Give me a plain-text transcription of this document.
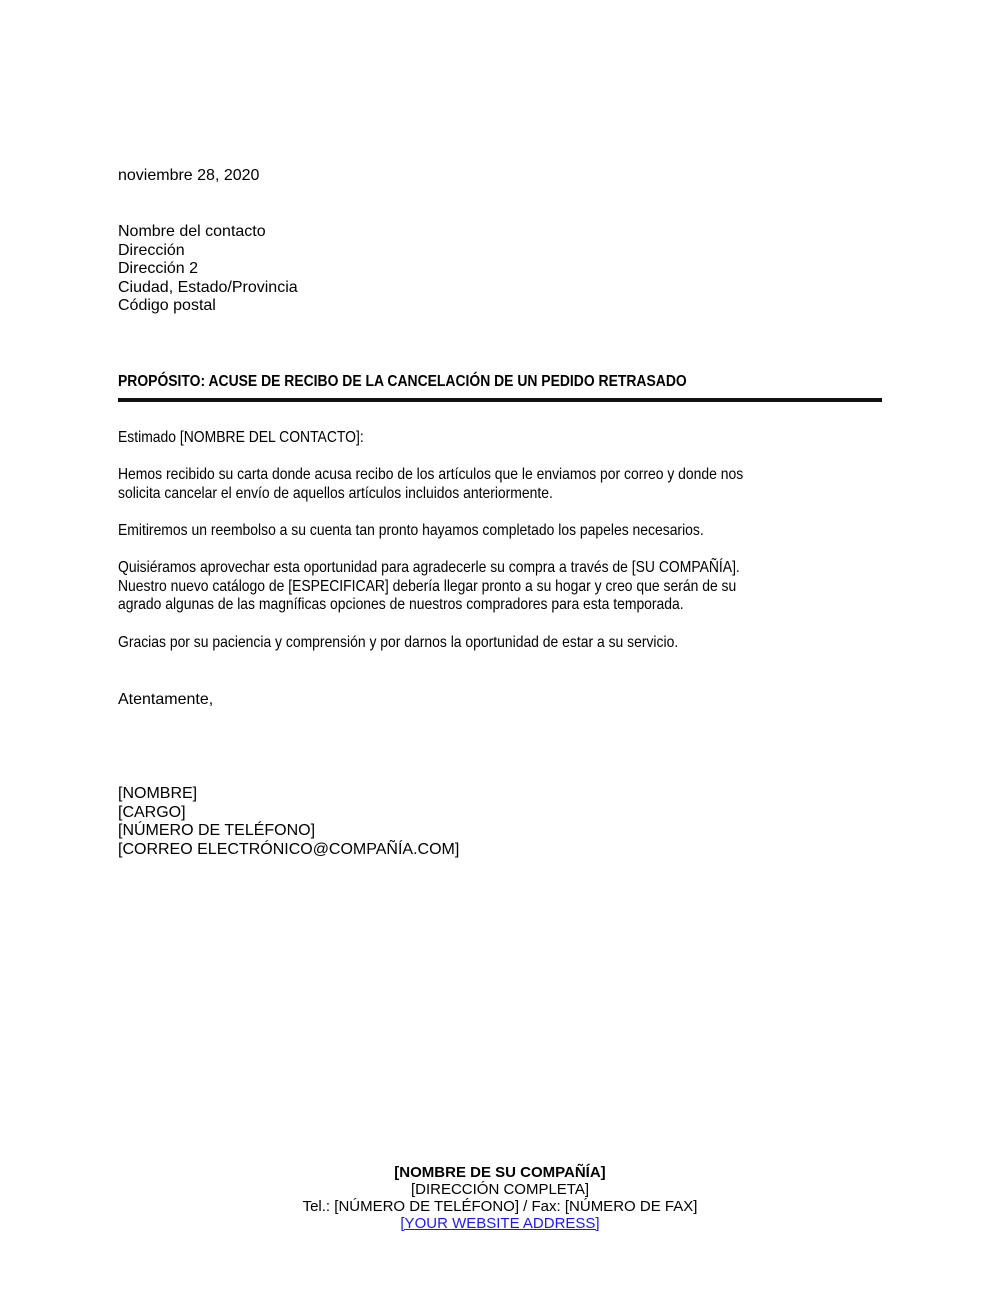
noviembre 28, 2020

Nombre del contacto
Dirección
Dirección 2
Ciudad, Estado/Provincia
Código postal

PROPÓSITO: ACUSE DE RECIBO DE LA CANCELACIÓN DE UN PEDIDO RETRASADO

Estimado [NOMBRE DEL CONTACTO]:

Hemos recibido su carta donde acusa recibo de los artículos que le enviamos por correo y donde nos
solicita cancelar el envío de aquellos artículos incluidos anteriormente.
Emitiremos un reembolso a su cuenta tan pronto hayamos completado los papeles necesarios.
Quisiéramos aprovechar esta oportunidad para agradecerle su compra a través de [SU COMPAÑÍA].
Nuestro nuevo catálogo de [ESPECIFICAR] debería llegar pronto a su hogar y creo que serán de su
agrado algunas de las magníficas opciones de nuestros compradores para esta temporada.
Gracias por su paciencia y comprensión y por darnos la oportunidad de estar a su servicio.

Atentamente,

[NOMBRE]
[CARGO]
[NÚMERO DE TELÉFONO]
[CORREO ELECTRÓNICO@COMPAÑÍA.COM]
[NOMBRE DE SU COMPAÑÍA]
[DIRECCIÓN COMPLETA]
Tel.: [NÚMERO DE TELÉFONO] / Fax: [NÚMERO DE FAX]
[YOUR WEBSITE ADDRESS]
